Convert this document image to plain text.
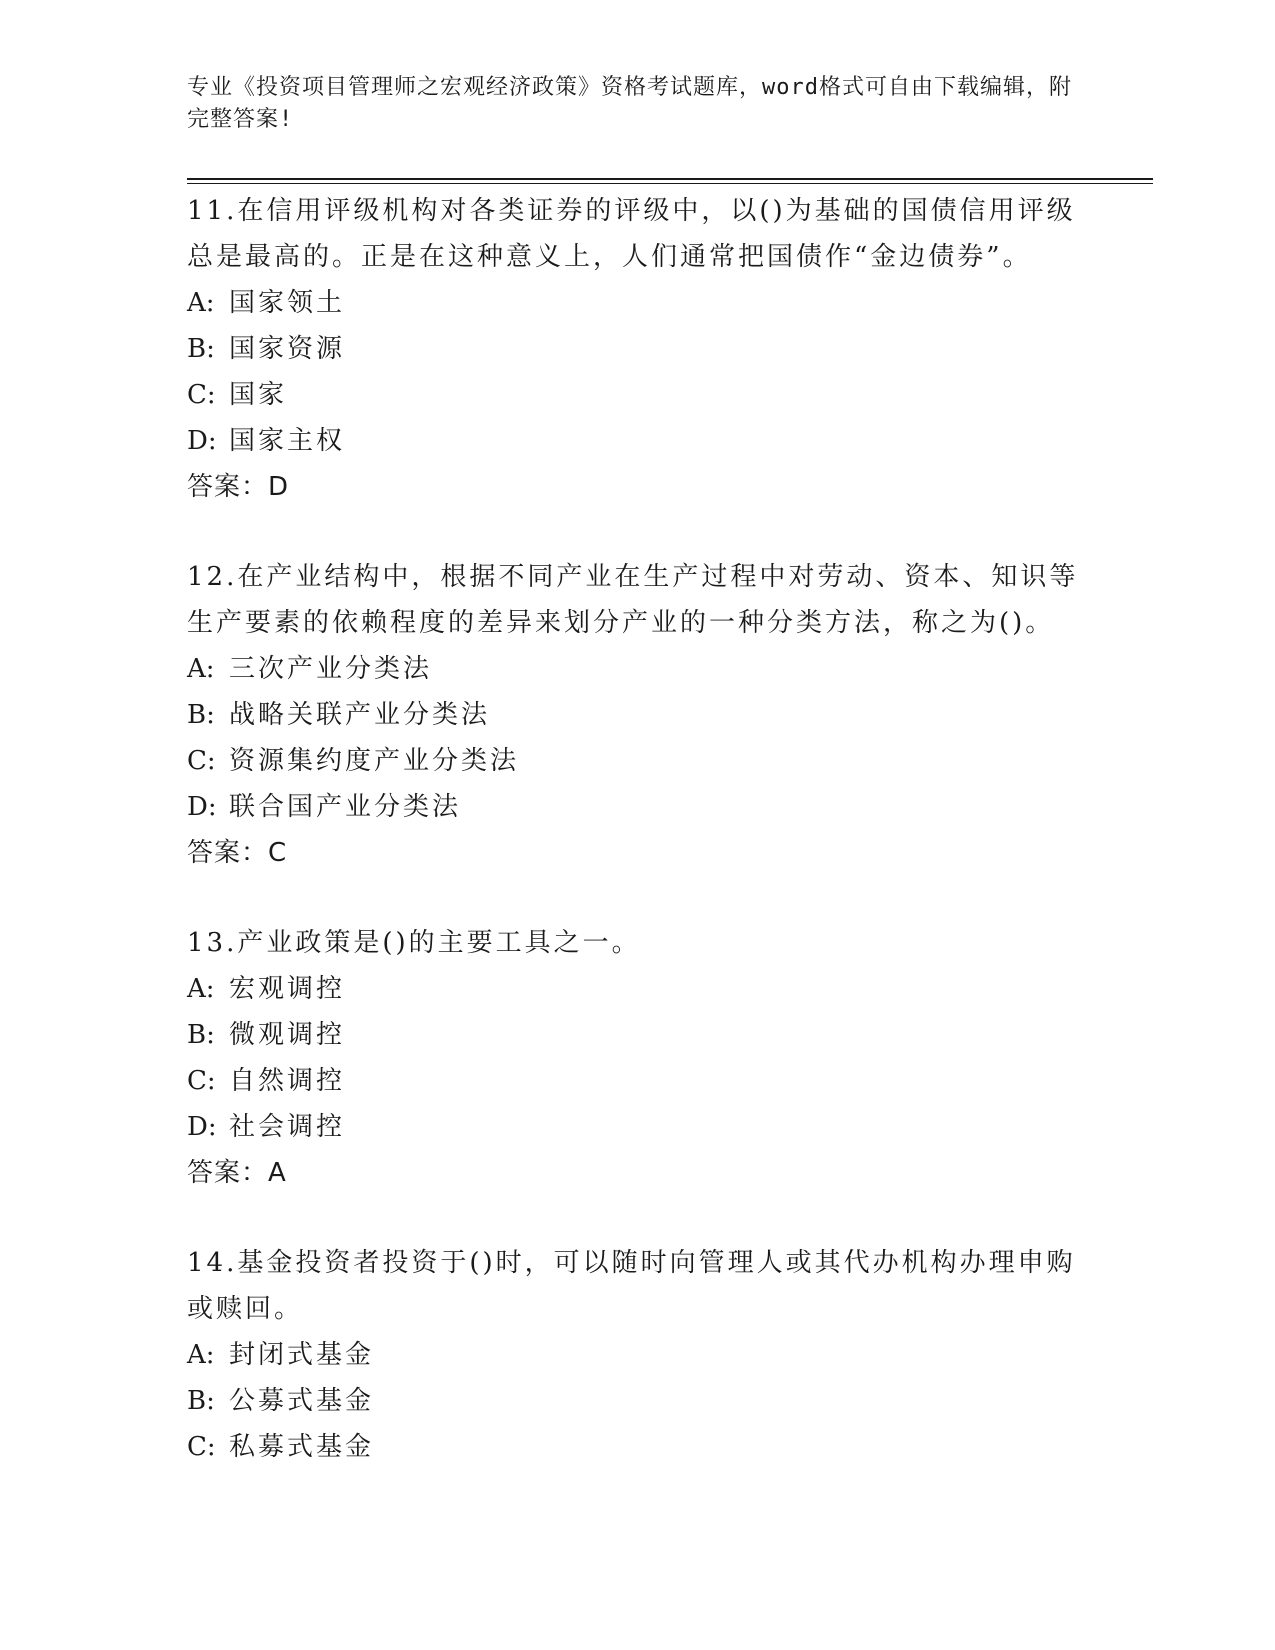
专业《投资项目管理师之宏观经济政策》资格考试题库，word格式可自由下载编辑，附完整答案!

11.在信用评级机构对各类证券的评级中，以()为基础的国债信用评级总是最高的。正是在这种意义上，人们通常把国债作“金边债券”。

A: 国家领土

B: 国家资源

C: 国家

D: 国家主权

答案：D

12.在产业结构中，根据不同产业在生产过程中对劳动、资本、知识等生产要素的依赖程度的差异来划分产业的一种分类方法，称之为()。

A: 三次产业分类法

B: 战略关联产业分类法

C: 资源集约度产业分类法

D: 联合国产业分类法

答案：C

13.产业政策是()的主要工具之一。

A: 宏观调控

B: 微观调控

C: 自然调控

D: 社会调控

答案：A

14.基金投资者投资于()时，可以随时向管理人或其代办机构办理申购或赎回。

A: 封闭式基金

B: 公募式基金

C: 私募式基金
